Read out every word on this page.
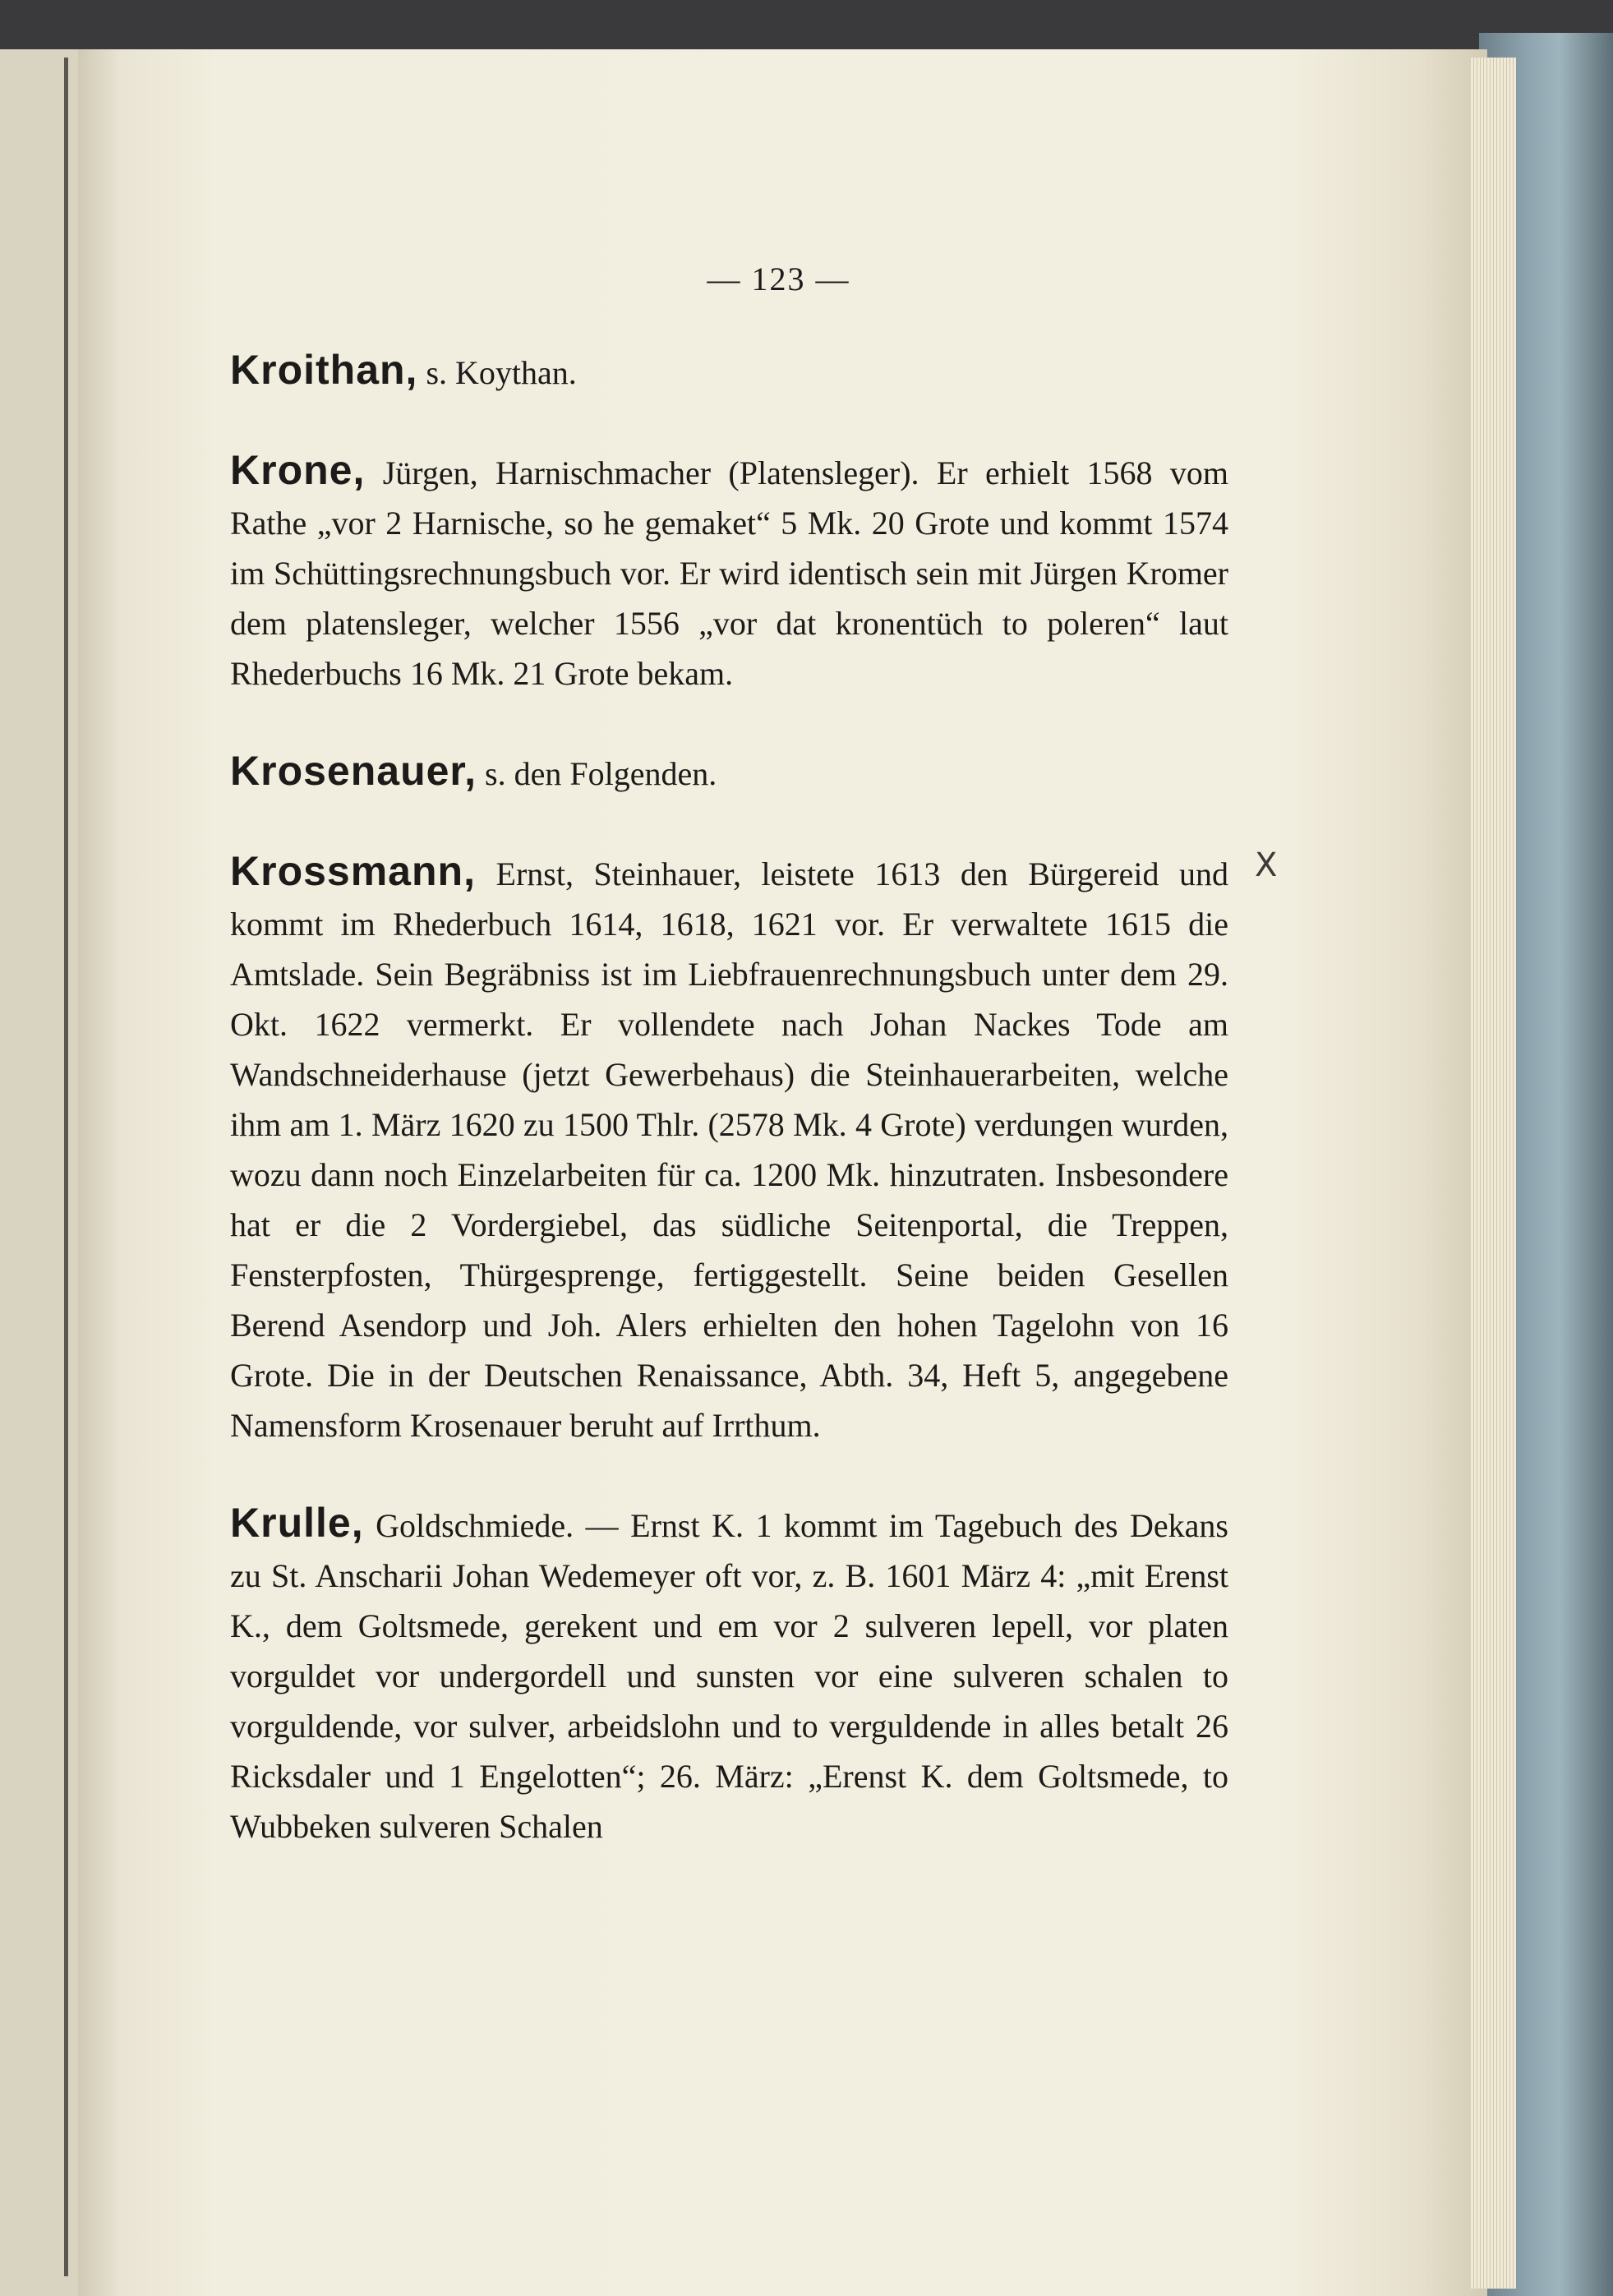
— 123 —

Kroithan, s. Koythan.

Krone, Jürgen, Harnischmacher (Platensleger). Er erhielt 1568 vom Rathe „vor 2 Harnische, so he gemaket“ 5 Mk. 20 Grote und kommt 1574 im Schüttingsrechnungsbuch vor. Er wird identisch sein mit Jürgen Kromer dem platensleger, welcher 1556 „vor dat kronentüch to poleren“ laut Rhederbuchs 16 Mk. 21 Grote bekam.

Krosenauer, s. den Folgenden.

Krossmann, Ernst, Steinhauer, leistete 1613 den Bürgereid und kommt im Rhederbuch 1614, 1618, 1621 vor. Er verwaltete 1615 die Amtslade. Sein Begräbniss ist im Liebfrauenrechnungsbuch unter dem 29. Okt. 1622 vermerkt. Er vollendete nach Johan Nackes Tode am Wandschneiderhause (jetzt Gewerbehaus) die Steinhauerarbeiten, welche ihm am 1. März 1620 zu 1500 Thlr. (2578 Mk. 4 Grote) verdungen wurden, wozu dann noch Einzelarbeiten für ca. 1200 Mk. hinzutraten. Insbesondere hat er die 2 Vordergiebel, das südliche Seitenportal, die Treppen, Fensterpfosten, Thürgesprenge, fertiggestellt. Seine beiden Gesellen Berend Asendorp und Joh. Alers erhielten den hohen Tagelohn von 16 Grote. Die in der Deutschen Renaissance, Abth. 34, Heft 5, angegebene Namensform Krosenauer beruht auf Irrthum.

Krulle, Goldschmiede. — Ernst K. 1 kommt im Tagebuch des Dekans zu St. Anscharii Johan Wedemeyer oft vor, z. B. 1601 März 4: „mit Erenst K., dem Goltsmede, gerekent und em vor 2 sulveren lepell, vor platen vorguldet vor undergordell und sunsten vor eine sulveren schalen to vorguldende, vor sulver, arbeidslohn und to verguldende in alles betalt 26 Ricksdaler und 1 Engelotten“; 26. März: „Erenst K. dem Goltsmede, to Wubbeken sulveren Schalen

X
